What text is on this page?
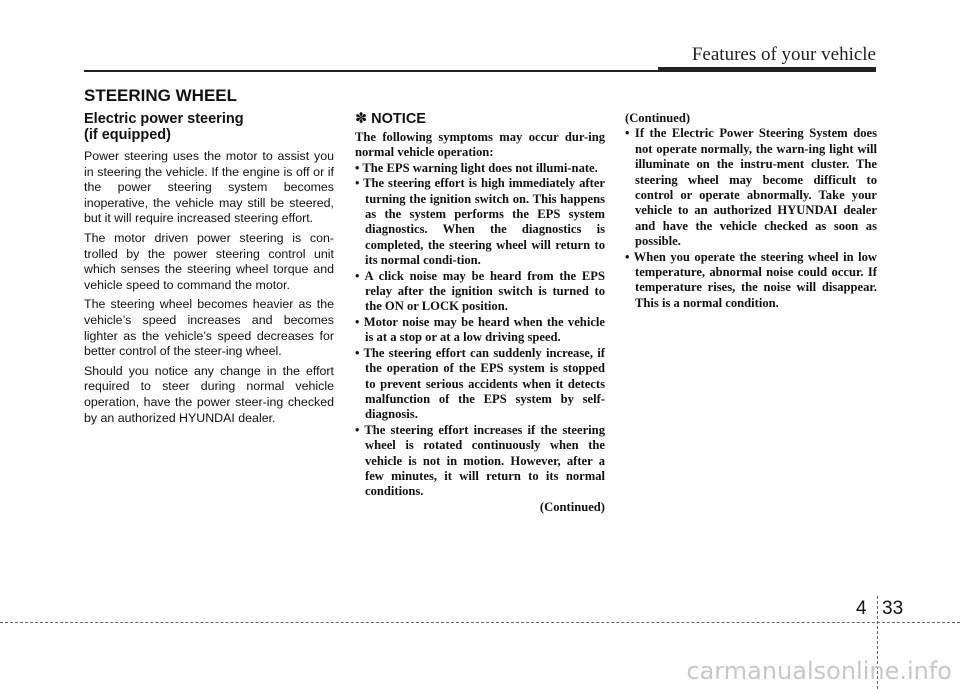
Features of your vehicle
STEERING WHEEL
Electric power steering
(if equipped)

Power steering uses the motor to assist you in steering the vehicle. If the engine is off or if the power steering system becomes inoperative, the vehicle may still be steered, but it will require increased steering effort.

The motor driven power steering is con-trolled by the power steering control unit which senses the steering wheel torque and vehicle speed to command the motor.

The steering wheel becomes heavier as the vehicle’s speed increases and becomes lighter as the vehicle’s speed decreases for better control of the steer-ing wheel.

Should you notice any change in the effort required to steer during normal vehicle operation, have the power steer-ing checked by an authorized HYUNDAI dealer.

✽ NOTICE

The following symptoms may occur dur-ing normal vehicle operation:

• The EPS warning light does not illumi-nate.
• The steering effort is high immediately after turning the ignition switch on. This happens as the system performs the EPS system diagnostics. When the diagnostics is completed, the steering wheel will return to its normal condi-tion.
• A click noise may be heard from the EPS relay after the ignition switch is turned to the ON or LOCK position.
• Motor noise may be heard when the vehicle is at a stop or at a low driving speed.
• The steering effort can suddenly increase, if the operation of the EPS system is stopped to prevent serious accidents when it detects malfunction of the EPS system by self-diagnosis.
• The steering effort increases if the steering wheel is rotated continuously when the vehicle is not in motion. However, after a few minutes, it will return to its normal conditions.

(Continued)

(Continued)

• If the Electric Power Steering System does not operate normally, the warn-ing light will illuminate on the instru-ment cluster. The steering wheel may become difficult to control or operate abnormally. Take your vehicle to an authorized HYUNDAI dealer and have the vehicle checked as soon as possible.
• When you operate the steering wheel in low temperature, abnormal noise could occur. If temperature rises, the noise will disappear. This is a normal condition.
4 33
carmanualsonline.info
